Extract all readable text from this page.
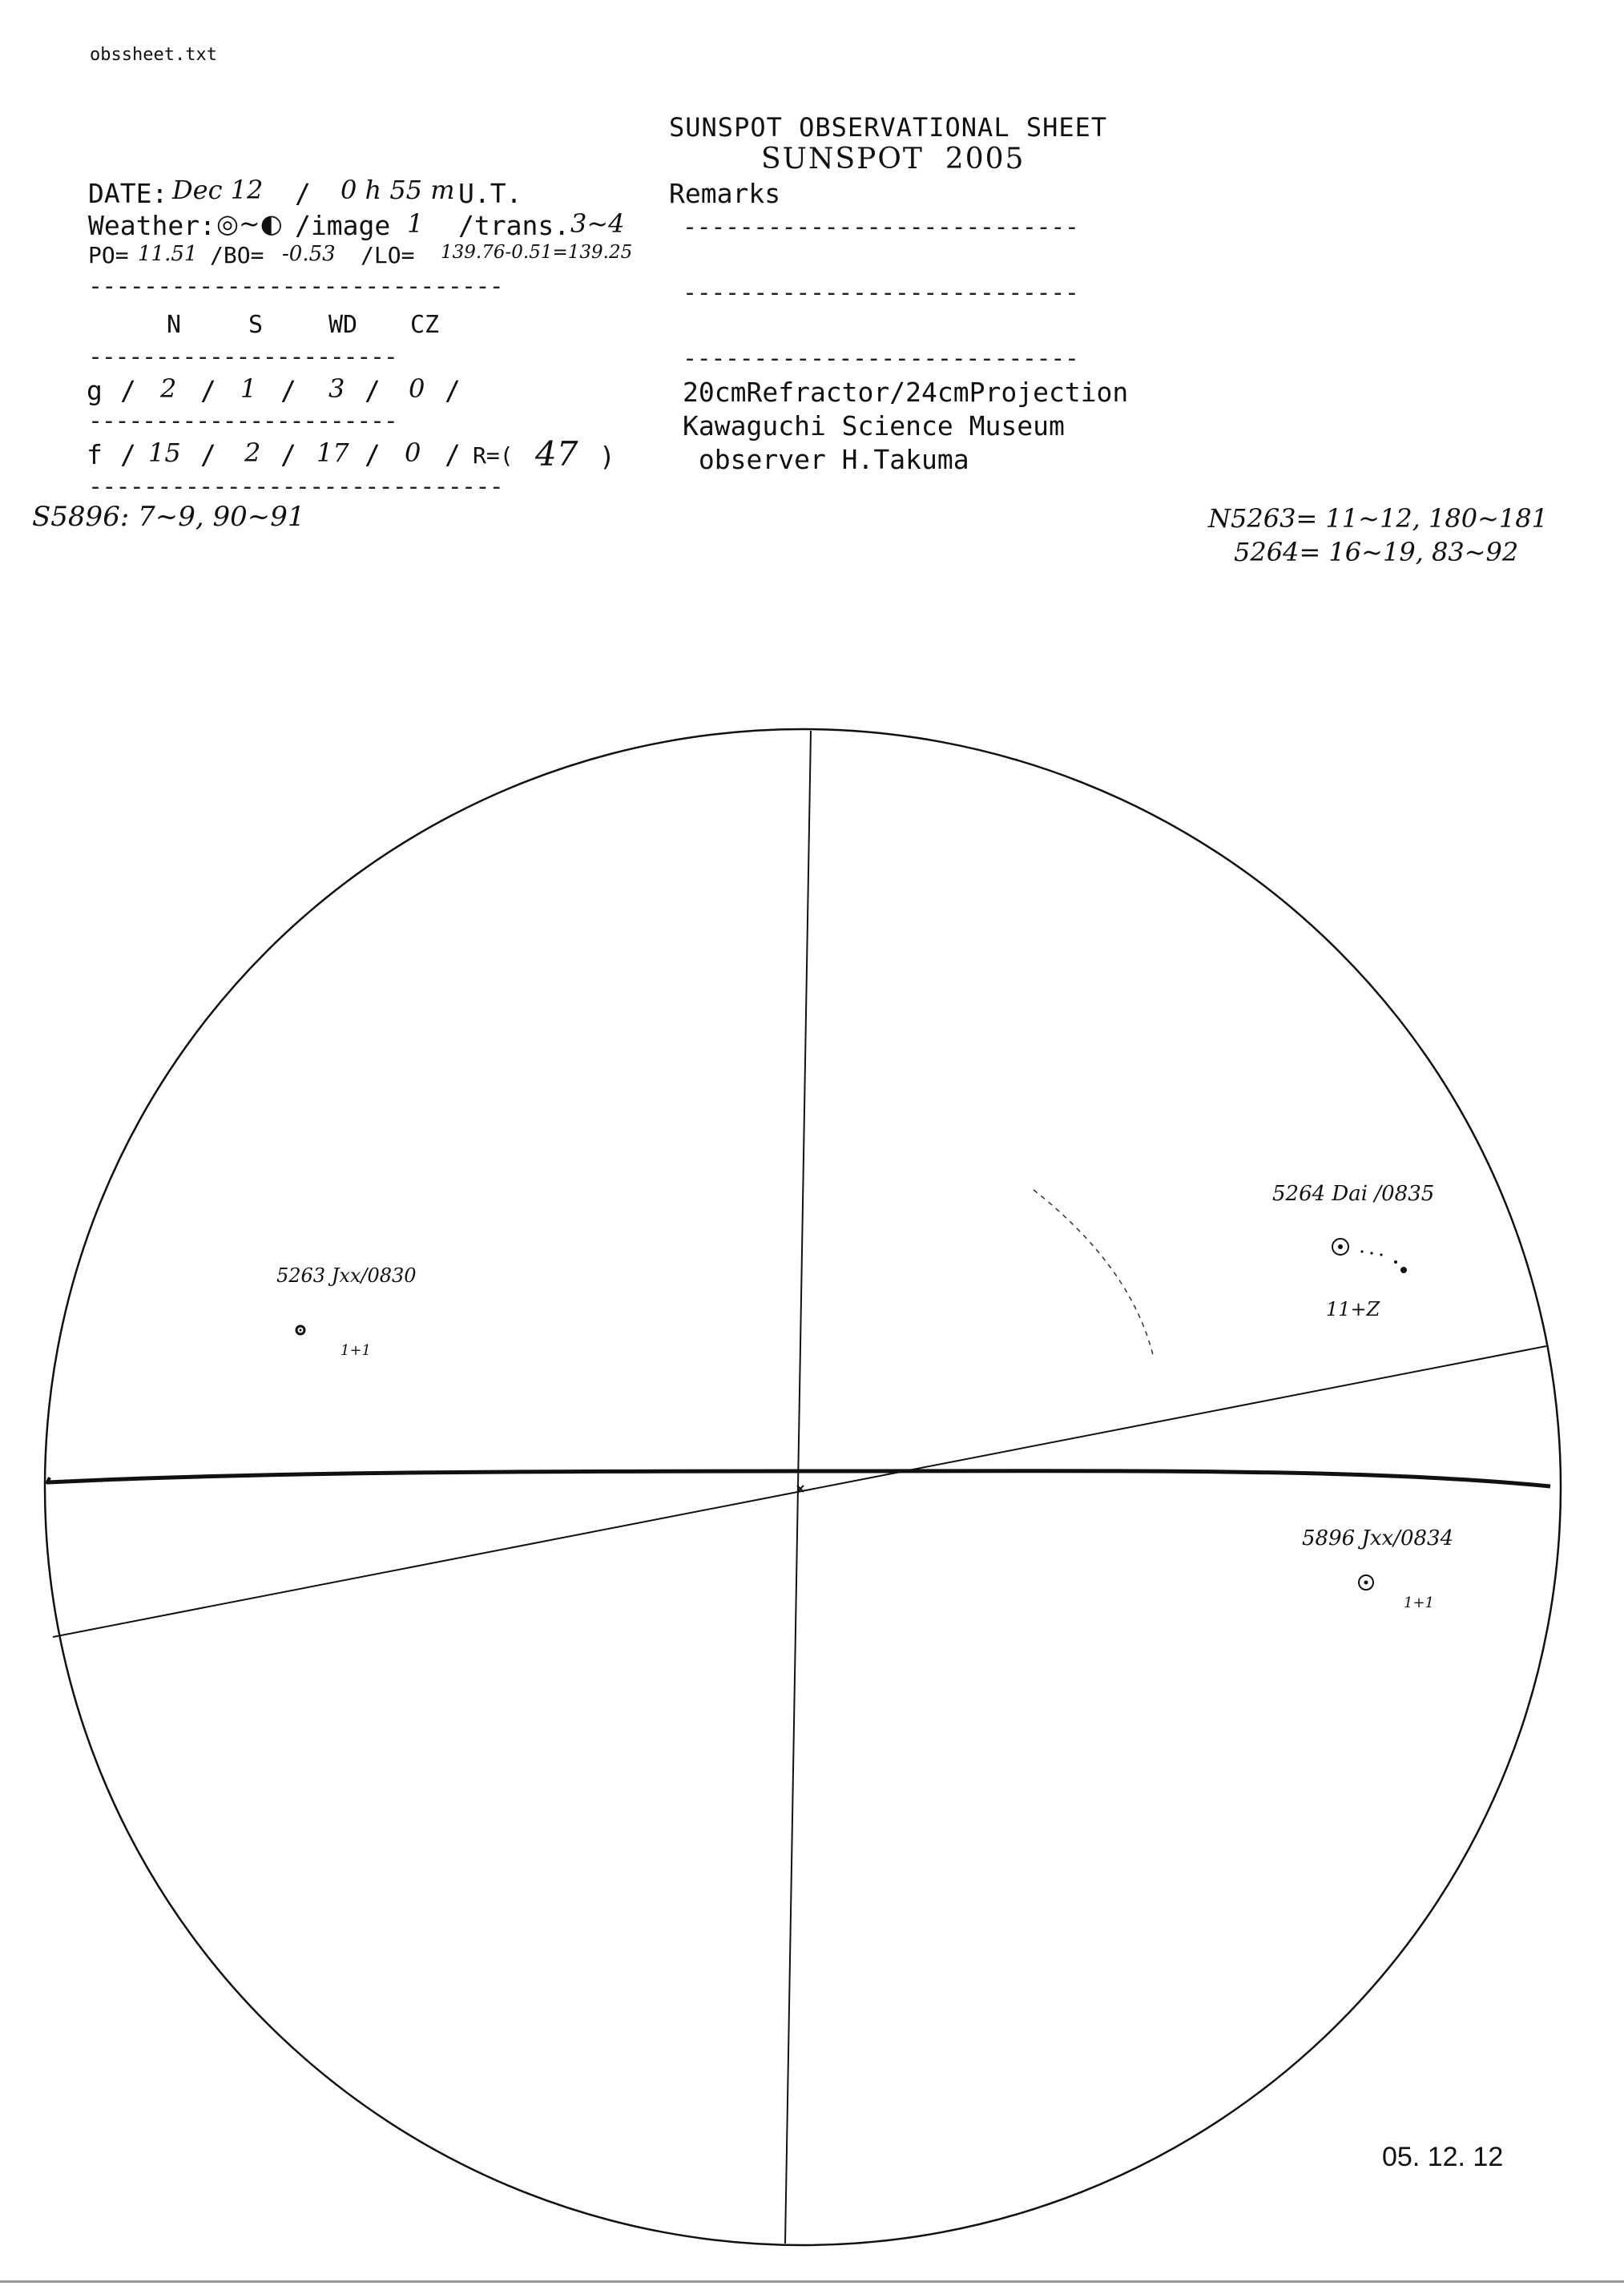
obssheet.txt
SUNSPOT OBSERVATIONAL SHEET
SUNSPOT  2005
DATE: Dec 12 / 0 h 55 m U.T.
Weather: ◎~◐ /image 1 /trans. 3~4
PO= 11.51 /BO= -0.53 /LO= 139.76-0.51=139.25
------------------------------
N	S	WD CZ
-----------------------
g / 2 / 1 / 3 / 0 /
-----------------------
f / 15 / 2 / 17 / 0 / R=( 47 )
------------------------------
Remarks
----------------------------
----------------------------
----------------------------
20cmRefractor/24cmProjection
Kawaguchi Science Museum
observer H.Takuma
S5896: 7~9, 90~91	N5263= 11~12, 180~181
5264= 16~19, 83~92
5263 Jxx/0830
1+1
5264 Dai /0835
11+Z
5896 Jxx/0834
1+1
05. 12. 12
